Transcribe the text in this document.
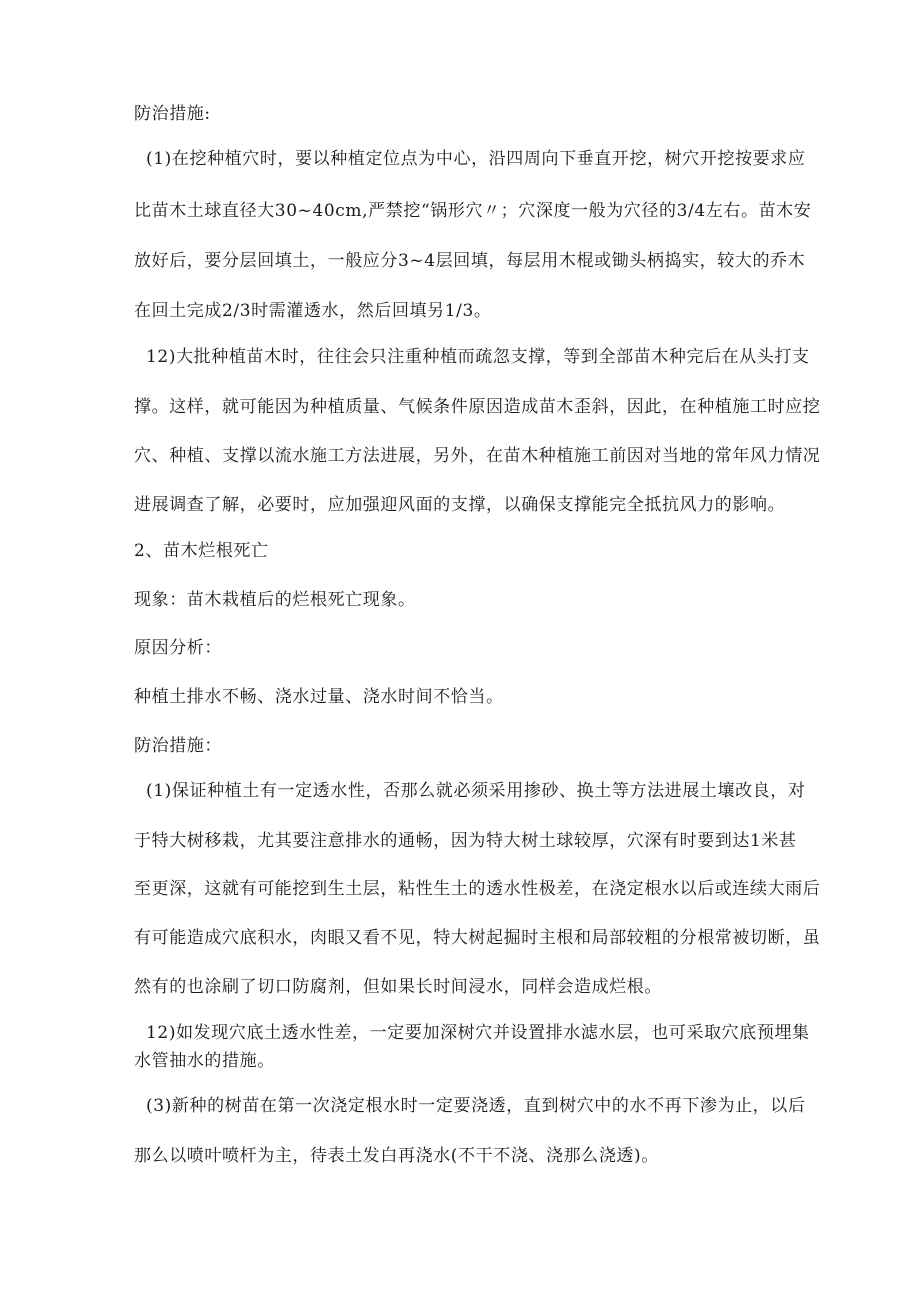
防治措施:
(1)在挖种植穴时，要以种植定位点为中心，沿四周向下垂直开挖，树穴开挖按要求应
比苗木土球直径大30~40cm,严禁挖“锅形穴〃；穴深度一般为穴径的3/4左右。苗木安
放好后，要分层回填土，一般应分3~4层回填，每层用木棍或锄头柄捣实，较大的乔木
在回土完成2/3时需灌透水，然后回填另1/3。
12)大批种植苗木时，往往会只注重种植而疏忽支撑，等到全部苗木种完后在从头打支
撑。这样，就可能因为种植质量、气候条件原因造成苗木歪斜，因此，在种植施工时应挖
穴、种植、支撑以流水施工方法进展，另外，在苗木种植施工前因对当地的常年风力情况
进展调查了解，必要时，应加强迎风面的支撑，以确保支撑能完全抵抗风力的影响。
2、苗木烂根死亡
现象：苗木栽植后的烂根死亡现象。
原因分析：
种植土排水不畅、浇水过量、浇水时间不恰当。
防治措施：
(1)保证种植土有一定透水性，否那么就必须采用掺砂、换土等方法进展土壤改良，对
于特大树移栽，尤其要注意排水的通畅，因为特大树土球较厚，穴深有时要到达1米甚
至更深，这就有可能挖到生土层，粘性生土的透水性极差，在浇定根水以后或连续大雨后
有可能造成穴底积水，肉眼又看不见，特大树起掘时主根和局部较粗的分根常被切断，虽
然有的也涂刷了切口防腐剂，但如果长时间浸水，同样会造成烂根。
12)如发现穴底土透水性差，一定要加深树穴并设置排水滤水层，也可采取穴底预埋集
水管抽水的措施。
(3)新种的树苗在第一次浇定根水时一定要浇透，直到树穴中的水不再下渗为止，以后
那么以喷叶喷杆为主，待表土发白再浇水(不干不浇、浇那么浇透)。
